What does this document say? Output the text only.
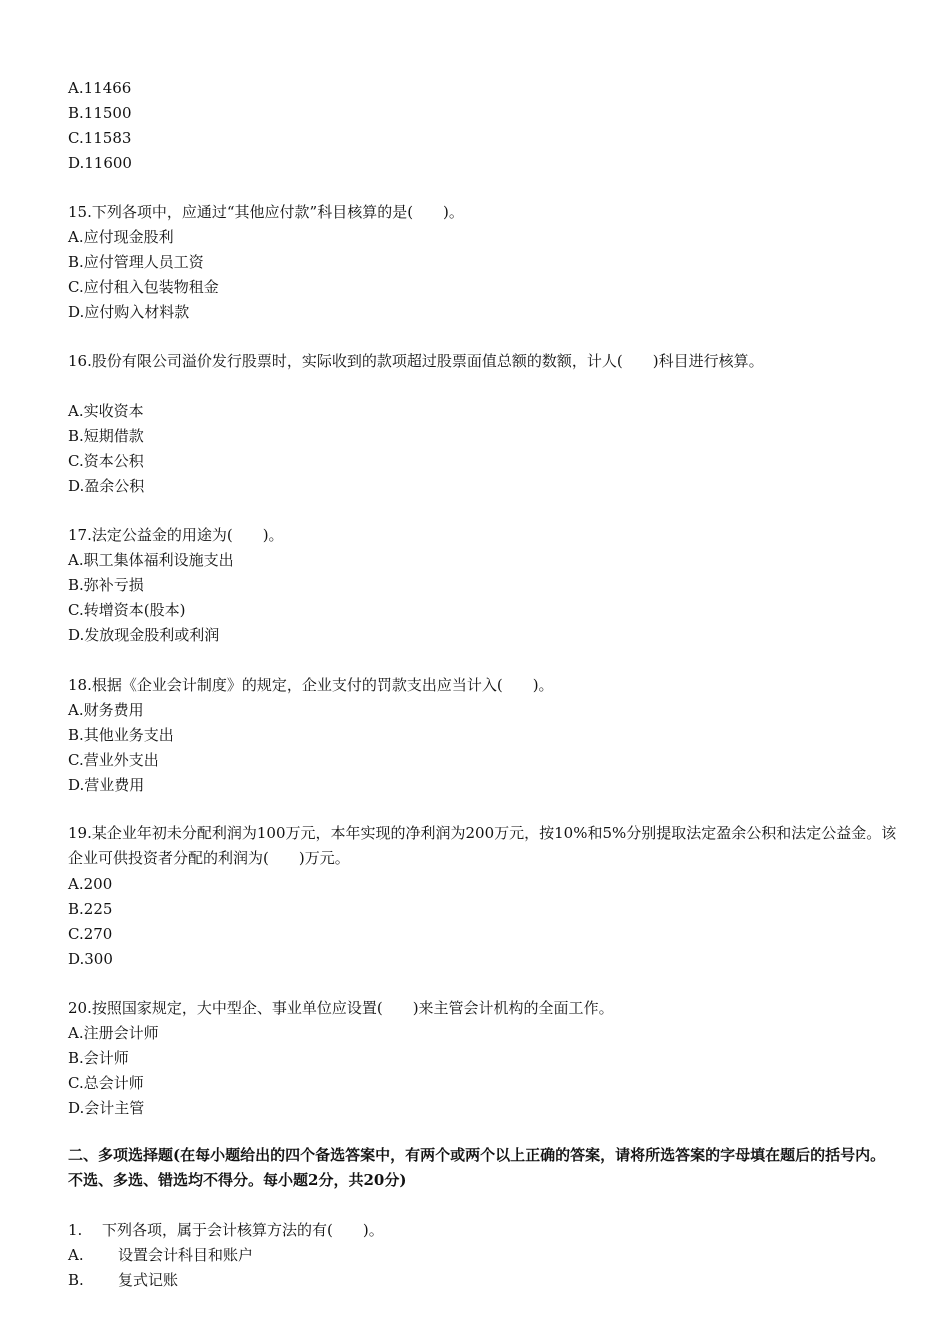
A.11466
B.11500
C.11583
D.11600
15.下列各项中，应通过“其他应付款”科目核算的是(　　)。
A.应付现金股利
B.应付管理人员工资
C.应付租入包装物租金
D.应付购入材料款
16.股份有限公司溢价发行股票时，实际收到的款项超过股票面值总额的数额，计人(　　)科目进行核算。
A.实收资本
B.短期借款
C.资本公积
D.盈余公积
17.法定公益金的用途为(　　)。
A.职工集体福利设施支出
B.弥补亏损
C.转增资本(股本)
D.发放现金股利或利润
18.根据《企业会计制度》的规定，企业支付的罚款支出应当计入(　　)。
A.财务费用
B.其他业务支出
C.营业外支出
D.营业费用
19.某企业年初未分配利润为100万元，本年实现的净利润为200万元，按10%和5%分别提取法定盈余公积和法定公益金。该企业可供投资者分配的利润为(　　)万元。
A.200
B.225
C.270
D.300
20.按照国家规定，大中型企、事业单位应设置(　　)来主管会计机构的全面工作。
A.注册会计师
B.会计师
C.总会计师
D.会计主管
二、多项选择题(在每小题给出的四个备选答案中，有两个或两个以上正确的答案，请将所选答案的字母填在题后的括号内。不选、多选、错选均不得分。每小题2分，共20分)
1. 下列各项，属于会计核算方法的有(　　)。
A. 设置会计科目和账户
B. 复式记账
